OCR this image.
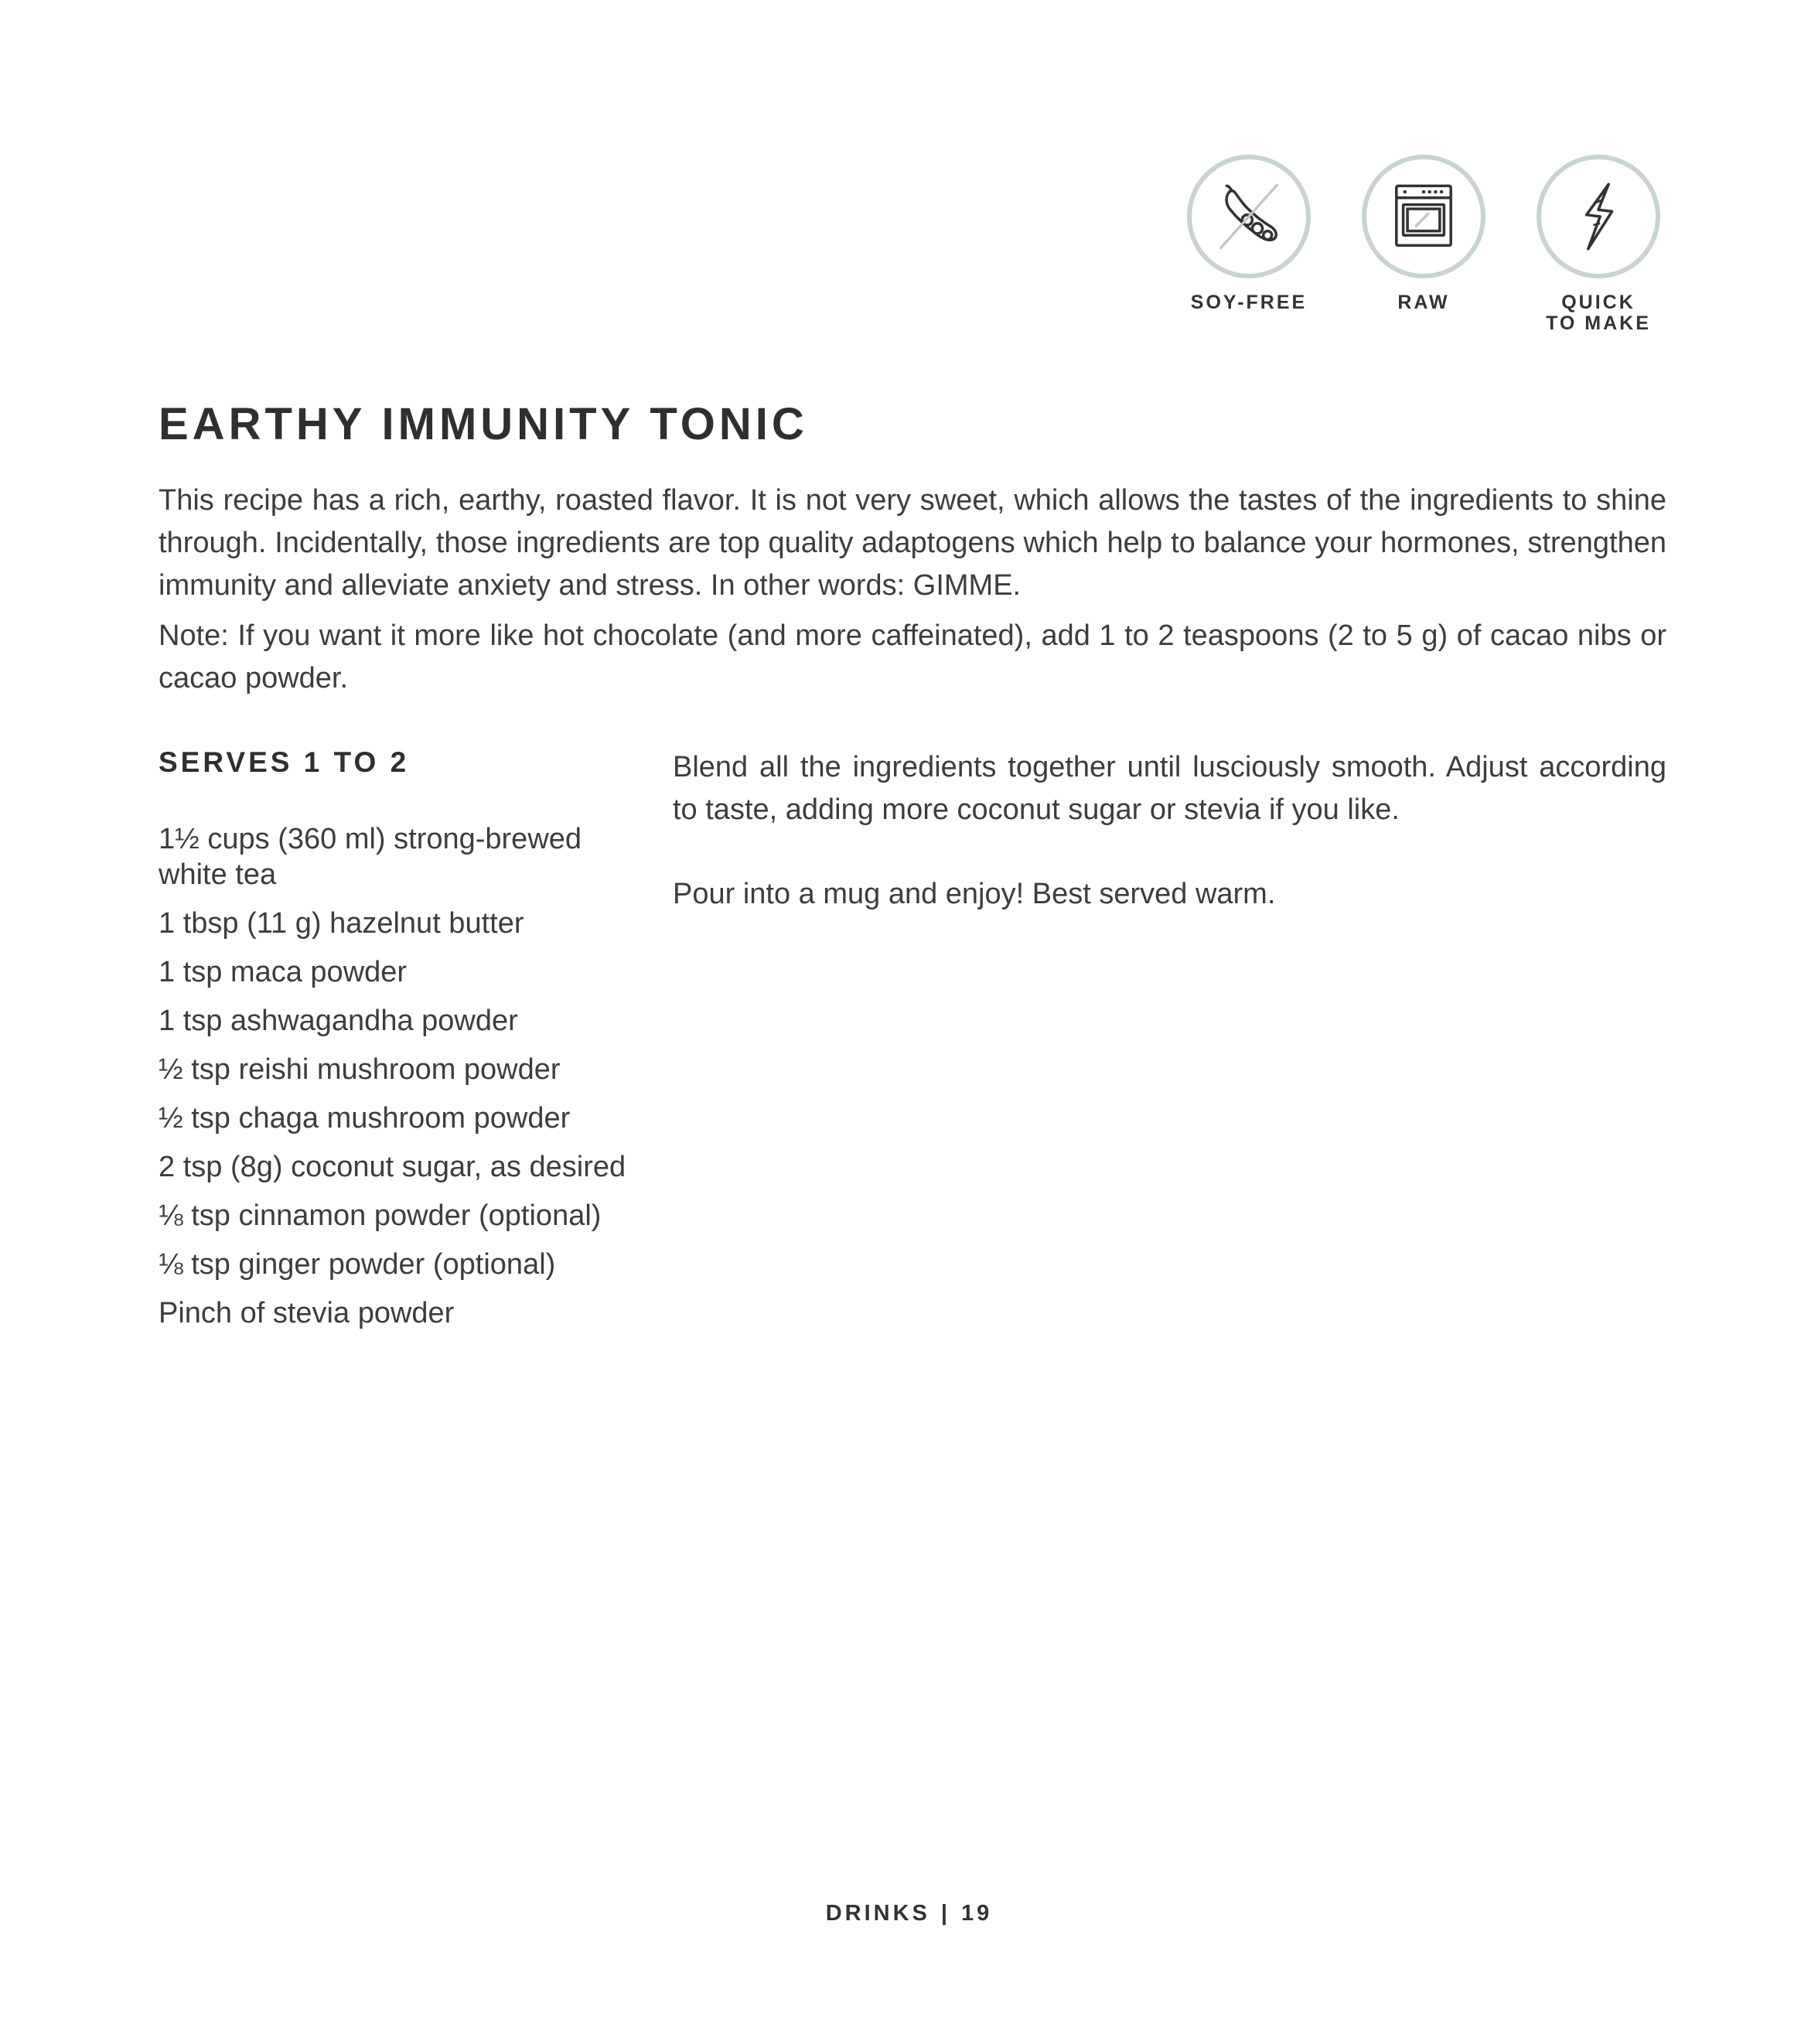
SOY-FREE	RAW	QUICK
TO MAKE
EARTHY IMMUNITY TONIC

This recipe has a rich, earthy, roasted flavor. It is not very sweet, which allows the tastes of the ingredients to shine through. Incidentally, those ingredients are top quality adaptogens which help to balance your hormones, strengthen immunity and alleviate anxiety and stress. In other words: GIMME.

Note: If you want it more like hot chocolate (and more caffeinated), add 1 to 2 teaspoons (2 to 5 g) of cacao nibs or cacao powder.

SERVES 1 TO 2
1½ cups (360 ml) strong-brewed white tea
1 tbsp (11 g) hazelnut butter
1 tsp maca powder
1 tsp ashwagandha powder
½ tsp reishi mushroom powder
½ tsp chaga mushroom powder
2 tsp (8g) coconut sugar, as desired
⅛ tsp cinnamon powder (optional)
⅛ tsp ginger powder (optional)
Pinch of stevia powder

Blend all the ingredients together until lusciously smooth. Adjust according to taste, adding more coconut sugar or stevia if you like.

Pour into a mug and enjoy! Best served warm.

DRINKS | 19
